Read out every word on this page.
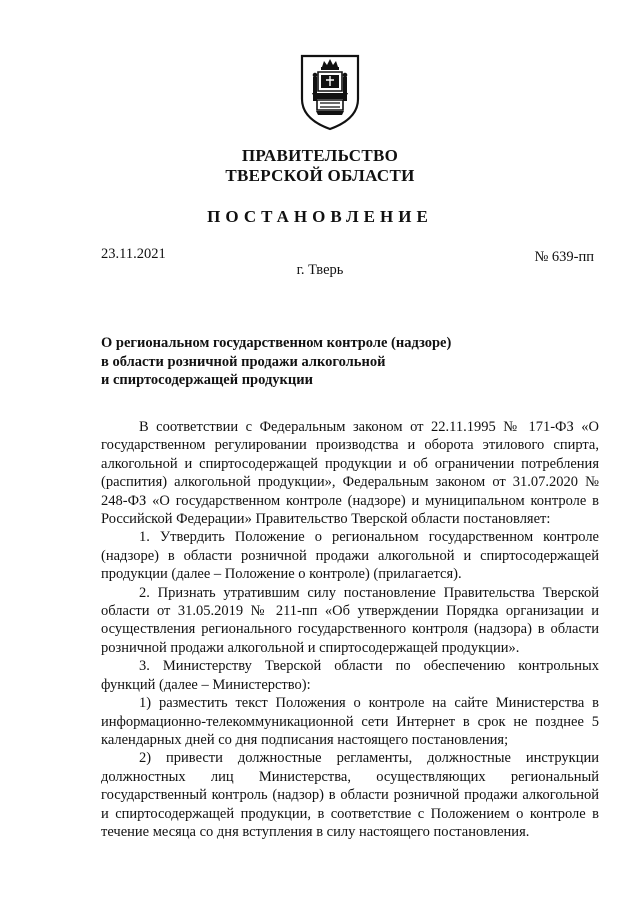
ПРАВИТЕЛЬСТВО
ТВЕРСКОЙ ОБЛАСТИ
ПОСТАНОВЛЕНИЕ
23.11.2021	№ 639-пп
г. Тверь
О региональном государственном контроле (надзоре)
в области розничной продажи алкогольной
и спиртосодержащей продукции

В соответствии с Федеральным законом от 22.11.1995 № 171-ФЗ «О государственном регулировании производства и оборота этилового спирта, алкогольной и спиртосодержащей продукции и об ограничении потребления (распития) алкогольной продукции», Федеральным законом от 31.07.2020 № 248-ФЗ «О государственном контроле (надзоре) и муниципальном контроле в Российской Федерации» Правительство Тверской области постановляет:

1. Утвердить Положение о региональном государственном контроле (надзоре) в области розничной продажи алкогольной и спиртосодержащей продукции (далее – Положение о контроле) (прилагается).

2. Признать утратившим силу постановление Правительства Тверской области от 31.05.2019 № 211-пп «Об утверждении Порядка организации и осуществления регионального государственного контроля (надзора) в области розничной продажи алкогольной и спиртосодержащей продукции».

3. Министерству Тверской области по обеспечению контрольных функций (далее – Министерство):

1) разместить текст Положения о контроле на сайте Министерства в информационно-телекоммуникационной сети Интернет в срок не позднее 5 календарных дней со дня подписания настоящего постановления;

2) привести должностные регламенты, должностные инструкции должностных лиц Министерства, осуществляющих региональный государственный контроль (надзор) в области розничной продажи алкогольной и спиртосодержащей продукции, в соответствие с Положением о контроле в течение месяца со дня вступления в силу настоящего постановления.
